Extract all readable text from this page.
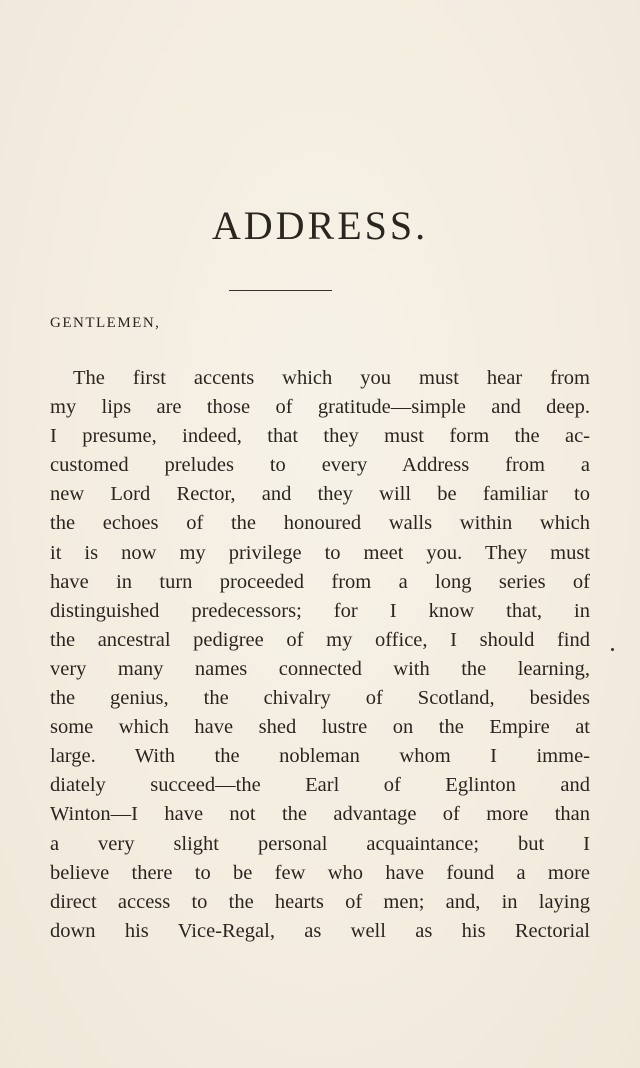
ADDRESS.
GENTLEMEN,
The first accents which you must hear from
my lips are those of gratitude—simple and deep.
I presume, indeed, that they must form the ac-
customed preludes to every Address from a
new Lord Rector, and they will be familiar to
the echoes of the honoured walls within which
it is now my privilege to meet you. They must
have in turn proceeded from a long series of
distinguished predecessors; for I know that, in
the ancestral pedigree of my office, I should find
very many names connected with the learning,
the genius, the chivalry of Scotland, besides
some which have shed lustre on the Empire at
large. With the nobleman whom I imme-
diately succeed—the Earl of Eglinton and
Winton—I have not the advantage of more than
a very slight personal acquaintance; but I
believe there to be few who have found a more
direct access to the hearts of men; and, in laying
down his Vice-Regal, as well as his Rectorial
